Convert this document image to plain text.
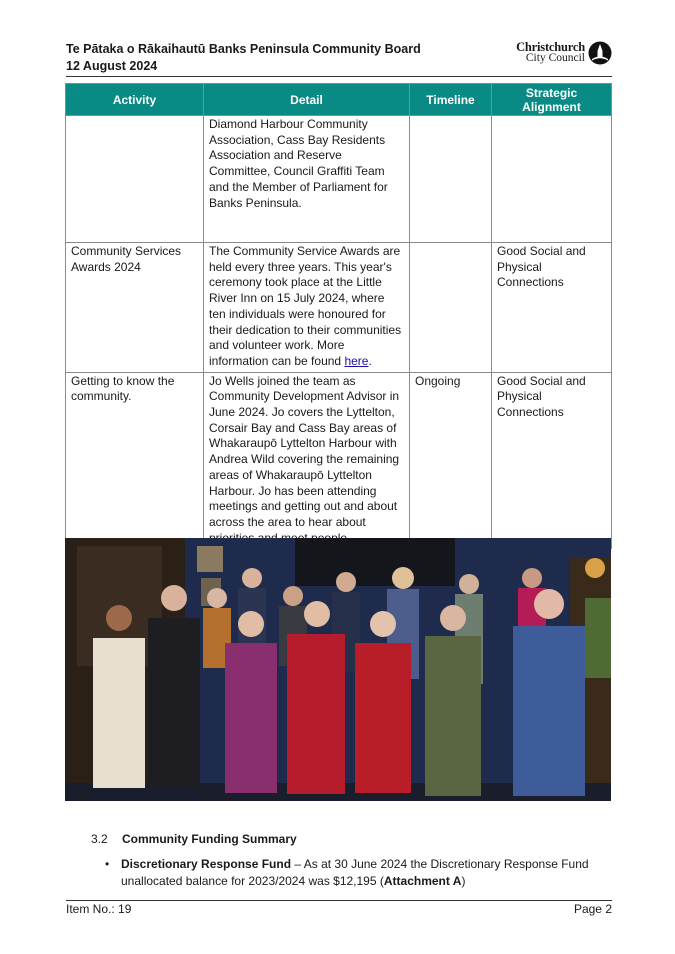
Te Pātaka o Rākaihautū Banks Peninsula Community Board
12 August 2024
Christchurch
City Council
Activity	Detail	Timeline	Strategic Alignment
	Diamond Harbour Community Association, Cass Bay Residents Association and Reserve Committee, Council Graffiti Team and the Member of Parliament for Banks Peninsula.		
Community Services Awards 2024	The Community Service Awards are held every three years. This year's ceremony took place at the Little River Inn on 15 July 2024, where ten individuals were honoured for their dedication to their communities and volunteer work. More information can be found here.		Good Social and Physical Connections
Getting to know the community.	Jo Wells joined the team as Community Development Advisor in June 2024. Jo covers the Lyttelton, Corsair Bay and Cass Bay areas of Whakaraupō Lyttelton Harbour with Andrea Wild covering the remaining areas of Whakaraupō Lyttelton Harbour. Jo has been attending meetings and getting out and about across the area to hear about	Ongoing	Good Social and Physical Connections
3.2 Community Funding Summary
• Discretionary Response Fund – As at 30 June 2024 the Discretionary Response Fund unallocated balance for 2023/2024 was $12,195 (Attachment A)
Item No.: 19	Page 2
